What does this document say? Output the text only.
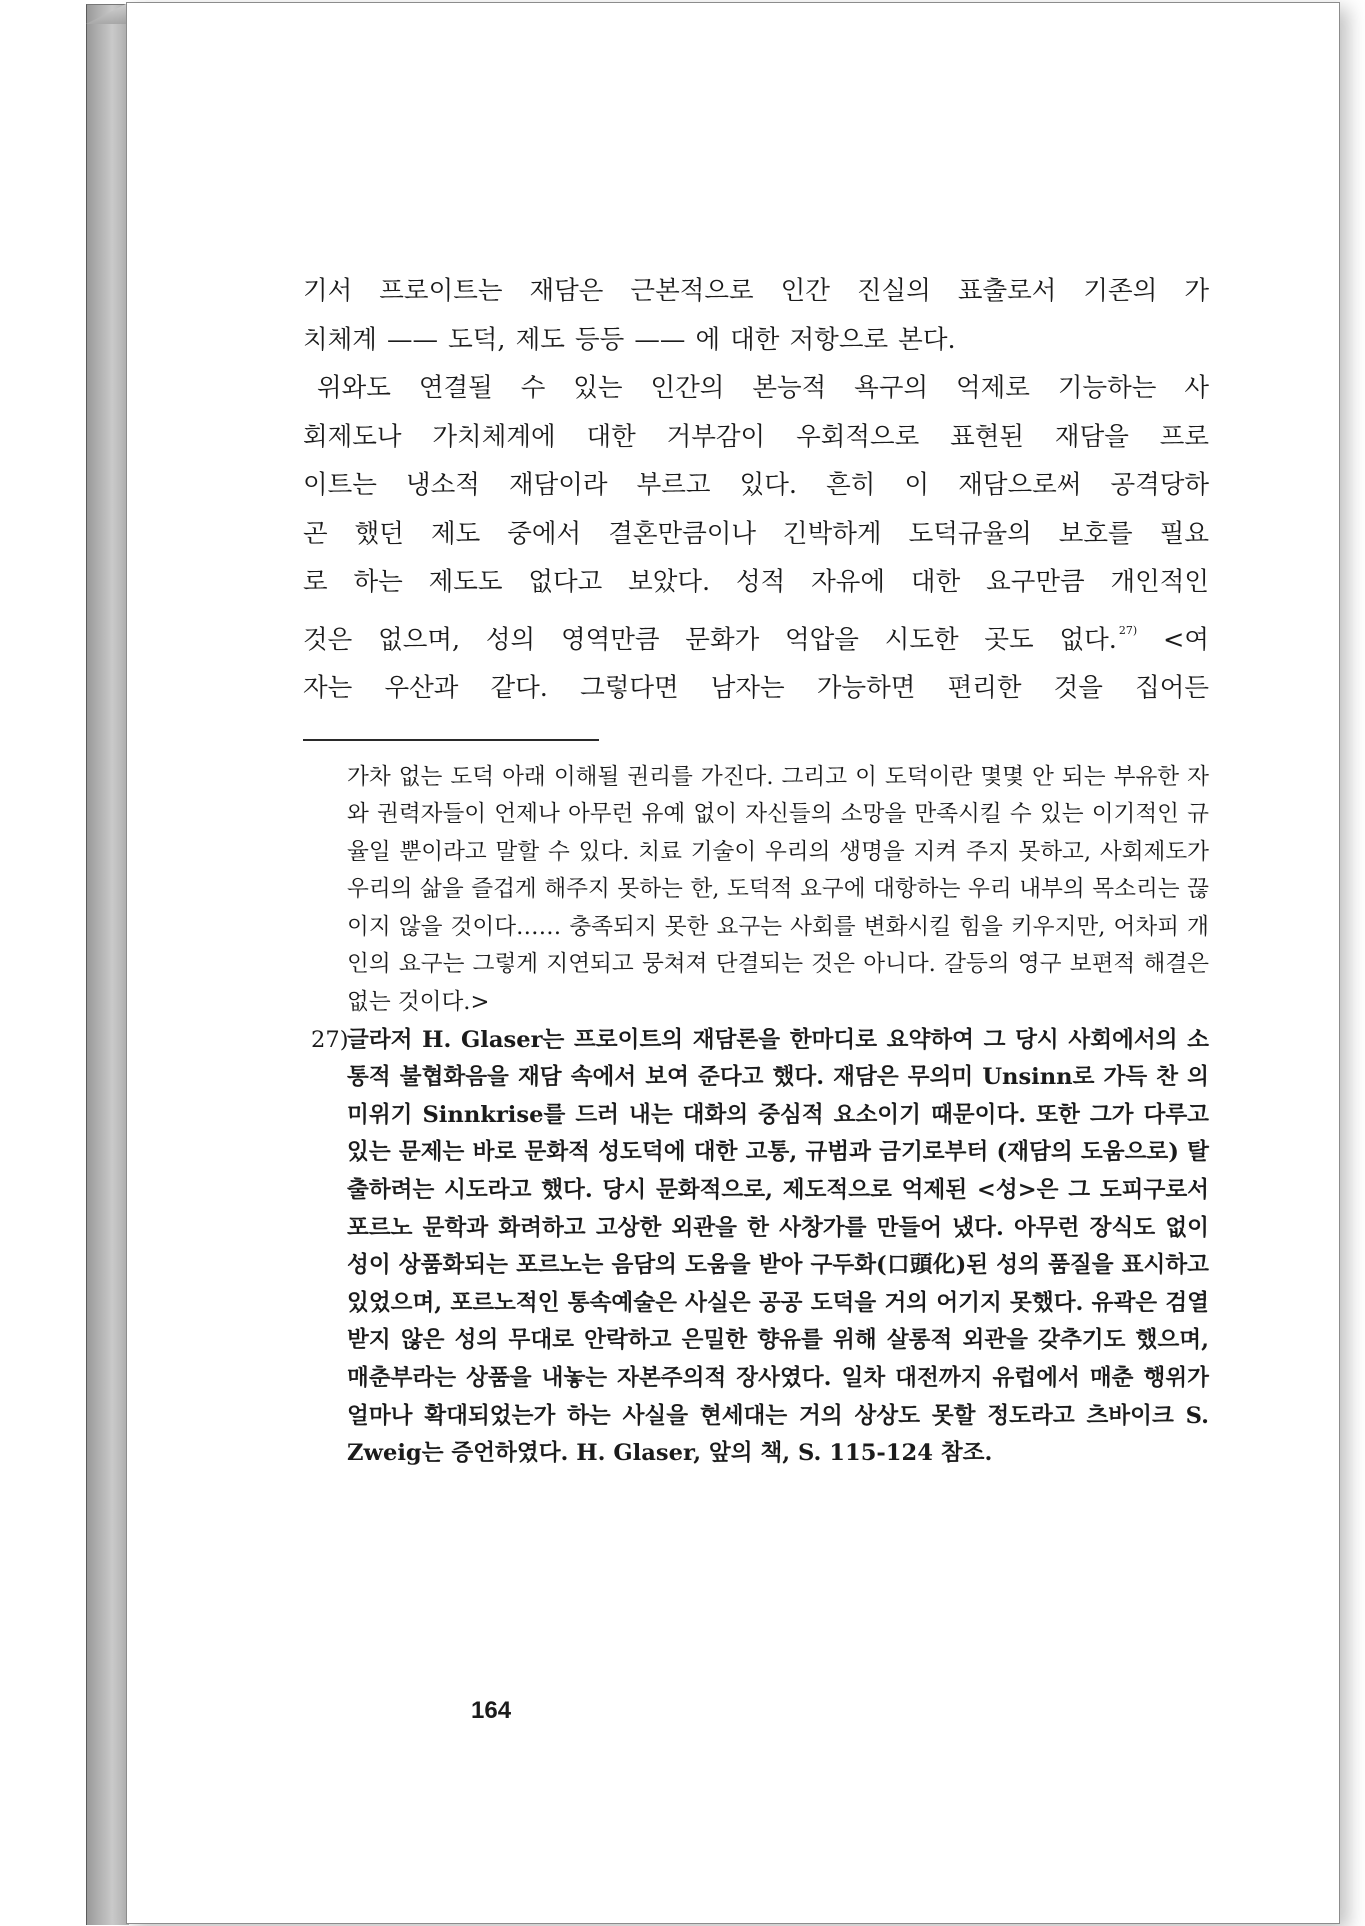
기서 프로이트는 재담은 근본적으로 인간 진실의 표출로서 기존의 가

치체계 —— 도덕, 제도 등등 —— 에 대한 저항으로 본다.

위와도 연결될 수 있는 인간의 본능적 욕구의 억제로 기능하는 사

회제도나 가치체계에 대한 거부감이 우회적으로 표현된 재담을 프로

이트는 냉소적 재담이라 부르고 있다. 흔히 이 재담으로써 공격당하

곤 했던 제도 중에서 결혼만큼이나 긴박하게 도덕규율의 보호를 필요

로 하는 제도도 없다고 보았다. 성적 자유에 대한 요구만큼 개인적인

것은 없으며, 성의 영역만큼 문화가 억압을 시도한 곳도 없다. $^{27)}$ <여

자는 우산과 같다. 그렇다면 남자는 가능하면 편리한 것을 집어든

가차 없는 도덕 아래 이해될 권리를 가진다. 그리고 이 도덕이란 몇몇 안 되는 부유한 자와 권력자들이 언제나 아무런 유예 없이 자신들의 소망을 만족시킬 수 있는 이기적인 규율일 뿐이라고 말할 수 있다. 치료 기술이 우리의 생명을 지켜 주지 못하고, 사회제도가 우리의 삶을 즐겁게 해주지 못하는 한, 도덕적 요구에 대항하는 우리 내부의 목소리는 끊이지 않을 것이다…… 충족되지 못한 요구는 사회를 변화시킬 힘을 키우지만, 어차피 개인의 요구는 그렇게 지연되고 뭉쳐져 단결되는 것은 아니다. 갈등의 영구 보편적 해결은 없는 것이다.>

27)
글라저 H. Glaser는 프로이트의 재담론을 한마디로 요약하여 그 당시 사회에서의 소통적 불협화음을 재담 속에서 보여 준다고 했다. 재담은 무의미 Unsinn로 가득 찬 의미위기 Sinnkrise를 드러 내는 대화의 중심적 요소이기 때문이다. 또한 그가 다루고 있는 문제는 바로 문화적 성도덕에 대한 고통, 규범과 금기로부터 (재담의 도움으로) 탈출하려는 시도라고 했다. 당시 문화적으로, 제도적으로 억제된 <성>은 그 도피구로서 포르노 문학과 화려하고 고상한 외관을 한 사창가를 만들어 냈다. 아무런 장식도 없이 성이 상품화되는 포르노는 음담의 도움을 받아 구두화(口頭化)된 성의 품질을 표시하고 있었으며, 포르노적인 통속예술은 사실은 공공 도덕을 거의 어기지 못했다. 유곽은 검열받지 않은 성의 무대로 안락하고 은밀한 향유를 위해 살롱적 외관을 갖추기도 했으며, 매춘부라는 상품을 내놓는 자본주의적 장사였다. 일차 대전까지 유럽에서 매춘 행위가 얼마나 확대되었는가 하는 사실을 현세대는 거의 상상도 못할 정도라고 츠바이크 S. Zweig는 증언하였다. H. Glaser, 앞의 책, S. 115-124 참조.

164
